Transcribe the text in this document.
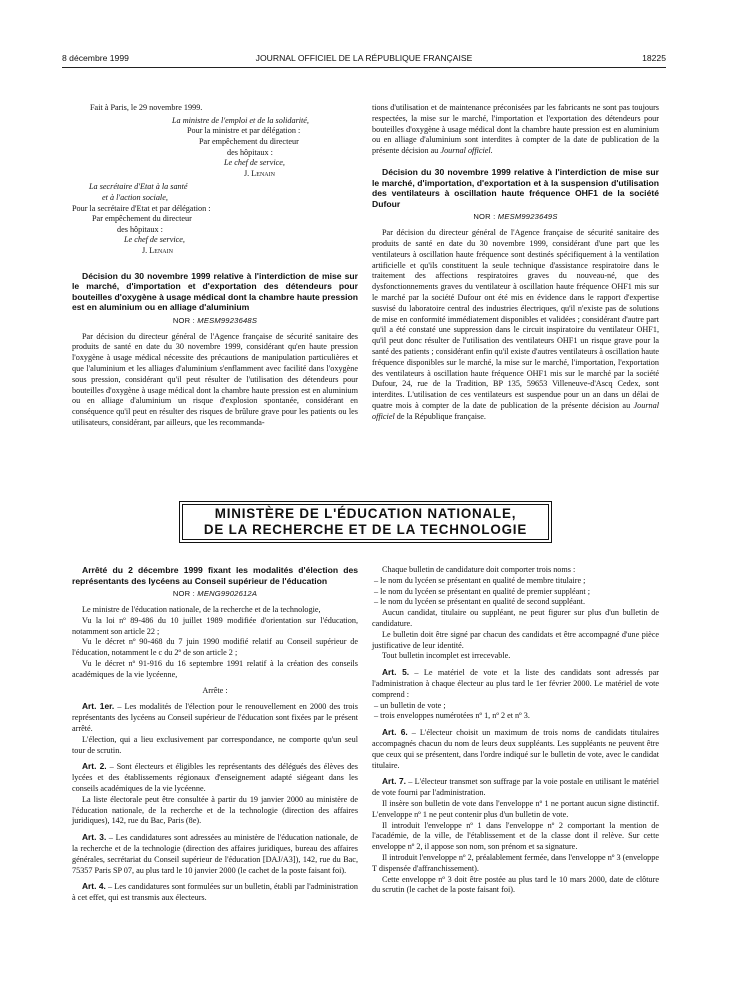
8 décembre 1999	JOURNAL OFFICIEL DE LA RÉPUBLIQUE FRANÇAISE	18225

Fait à Paris, le 29 novembre 1999.

La ministre de l'emploi et de la solidarité,
Pour la ministre et par délégation :
Par empêchement du directeur
des hôpitaux :
Le chef de service,
J. Lenain
La secrétaire d'Etat à la santé
et à l'action sociale,
Pour la secrétaire d'Etat et par délégation :
Par empêchement du directeur
des hôpitaux :
Le chef de service,
J. Lenain

Décision du 30 novembre 1999 relative à l'interdiction de mise sur le marché, d'importation et d'exportation des détendeurs pour bouteilles d'oxygène à usage médical dont la chambre haute pression est en aluminium ou en alliage d'aluminium

NOR : MESM9923648S

Par décision du directeur général de l'Agence française de sécurité sanitaire des produits de santé en date du 30 novembre 1999, considérant qu'en haute pression l'oxygène à usage médical nécessite des précautions de manipulation particulières et que l'aluminium et les alliages d'aluminium s'enflamment avec facilité dans l'oxygène sous pression, considérant qu'il peut résulter de l'utilisation des détendeurs pour bouteilles d'oxygène à usage médical dont la chambre haute pression est en aluminium ou en alliage d'aluminium un risque d'explosion spontanée, considérant en conséquence qu'il peut en résulter des risques de brûlure grave pour les patients ou les utilisateurs, considérant, par ailleurs, que les recommanda-

tions d'utilisation et de maintenance préconisées par les fabricants ne sont pas toujours respectées, la mise sur le marché, l'importation et l'exportation des détendeurs pour bouteilles d'oxygène à usage médical dont la chambre haute pression est en aluminium ou en alliage d'aluminium sont interdites à compter de la date de publication de la présente décision au Journal officiel.

Décision du 30 novembre 1999 relative à l'interdiction de mise sur le marché, d'importation, d'exportation et à la suspension d'utilisation des ventilateurs à oscillation haute fréquence OHF1 de la société Dufour

NOR : MESM9923649S

Par décision du directeur général de l'Agence française de sécurité sanitaire des produits de santé en date du 30 novembre 1999, considérant d'une part que les ventilateurs à oscillation haute fréquence sont destinés spécifiquement à la ventilation artificielle et qu'ils constituent la seule technique d'assistance respiratoire dans le traitement des affections respiratoires graves du nouveau-né, que des dysfonctionnements graves du ventilateur à oscillation haute fréquence OHF1 mis sur le marché par la société Dufour ont été mis en évidence dans le rapport d'expertise susvisé du laboratoire central des industries électriques, qu'il n'existe pas de solutions de mise en conformité immédiatement disponibles et validées ; considérant d'autre part qu'il a été constaté une suppression dans le circuit inspiratoire du ventilateur OHF1, qu'il peut donc résulter de l'utilisation des ventilateurs OHF1 un risque grave pour la santé des patients ; considérant enfin qu'il existe d'autres ventilateurs à oscillation haute fréquence disponibles sur le marché, la mise sur le marché, l'importation, l'exportation des ventilateurs à oscillation haute fréquence OHF1 mis sur le marché par la société Dufour, 24, rue de la Tradition, BP 135, 59653 Villeneuve-d'Ascq Cedex, sont interdites. L'utilisation de ces ventilateurs est suspendue pour un an dans un délai de quatre mois à compter de la date de publication de la présente décision au Journal officiel de la République française.

MINISTÈRE DE L'ÉDUCATION NATIONALE,
DE LA RECHERCHE ET DE LA TECHNOLOGIE

Arrêté du 2 décembre 1999 fixant les modalités d'élection des représentants des lycéens au Conseil supérieur de l'éducation

NOR : MENG9902612A

Le ministre de l'éducation nationale, de la recherche et de la technologie,

Vu la loi nº 89-486 du 10 juillet 1989 modifiée d'orientation sur l'éducation, notamment son article 22 ;

Vu le décret nº 90-468 du 7 juin 1990 modifié relatif au Conseil supérieur de l'éducation, notamment le c du 2º de son article 2 ;

Vu le décret nº 91-916 du 16 septembre 1991 relatif à la création des conseils académiques de la vie lycéenne,

Arrête :

Art. 1er. – Les modalités de l'élection pour le renouvellement en 2000 des trois représentants des lycéens au Conseil supérieur de l'éducation sont fixées par le présent arrêté.

L'élection, qui a lieu exclusivement par correspondance, ne comporte qu'un seul tour de scrutin.

Art. 2. – Sont électeurs et éligibles les représentants des délégués des élèves des lycées et des établissements régionaux d'enseignement adapté siégeant dans les conseils académiques de la vie lycéenne.

La liste électorale peut être consultée à partir du 19 janvier 2000 au ministère de l'éducation nationale, de la recherche et de la technologie (direction des affaires juridiques), 142, rue du Bac, Paris (8e).

Art. 3. – Les candidatures sont adressées au ministère de l'éducation nationale, de la recherche et de la technologie (direction des affaires juridiques, bureau des affaires générales, secrétariat du Conseil supérieur de l'éducation [DAJ/A3]), 142, rue du Bac, 75357 Paris SP 07, au plus tard le 10 janvier 2000 (le cachet de la poste faisant foi).

Art. 4. – Les candidatures sont formulées sur un bulletin, établi par l'administration à cet effet, qui est transmis aux électeurs.

Chaque bulletin de candidature doit comporter trois noms :

– le nom du lycéen se présentant en qualité de membre titulaire ;
– le nom du lycéen se présentant en qualité de premier suppléant ;
– le nom du lycéen se présentant en qualité de second suppléant.

Aucun candidat, titulaire ou suppléant, ne peut figurer sur plus d'un bulletin de candidature.

Le bulletin doit être signé par chacun des candidats et être accompagné d'une pièce justificative de leur identité.

Tout bulletin incomplet est irrecevable.

Art. 5. – Le matériel de vote et la liste des candidats sont adressés par l'administration à chaque électeur au plus tard le 1er février 2000. Le matériel de vote comprend :

– un bulletin de vote ;
– trois enveloppes numérotées nº 1, nº 2 et nº 3.

Art. 6. – L'électeur choisit un maximum de trois noms de candidats titulaires accompagnés chacun du nom de leurs deux suppléants. Les suppléants ne peuvent être que ceux qui se présentent, dans l'ordre indiqué sur le bulletin de vote, avec le candidat titulaire.

Art. 7. – L'électeur transmet son suffrage par la voie postale en utilisant le matériel de vote fourni par l'administration.

Il insère son bulletin de vote dans l'enveloppe nº 1 ne portant aucun signe distinctif. L'enveloppe nº 1 ne peut contenir plus d'un bulletin de vote.

Il introduit l'enveloppe nº 1 dans l'enveloppe nº 2 comportant la mention de l'académie, de la ville, de l'établissement et de la classe dont il relève. Sur cette enveloppe nº 2, il appose son nom, son prénom et sa signature.

Il introduit l'enveloppe nº 2, préalablement fermée, dans l'enveloppe nº 3 (enveloppe T dispensée d'affranchissement).

Cette enveloppe nº 3 doit être postée au plus tard le 10 mars 2000, date de clôture du scrutin (le cachet de la poste faisant foi).
